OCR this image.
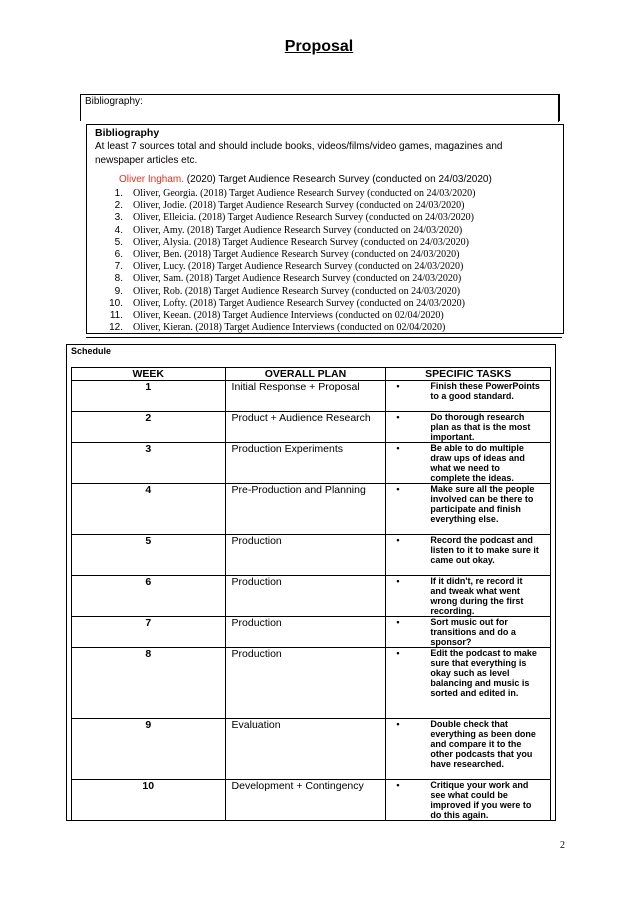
Proposal
Bibliography:
Bibliography
At least 7 sources total and should include books, videos/films/video games, magazines and newspaper articles etc.
Oliver Ingham. (2020) Target Audience Research Survey (conducted on 24/03/2020)
1. Oliver, Georgia. (2018) Target Audience Research Survey (conducted on 24/03/2020)
2. Oliver, Jodie. (2018) Target Audience Research Survey (conducted on 24/03/2020)
3. Oliver, Elleicia. (2018) Target Audience Research Survey (conducted on 24/03/2020)
4. Oliver, Amy. (2018) Target Audience Research Survey (conducted on 24/03/2020)
5. Oliver, Alysia. (2018) Target Audience Research Survey (conducted on 24/03/2020)
6. Oliver, Ben. (2018) Target Audience Research Survey (conducted on 24/03/2020)
7. Oliver, Lucy. (2018) Target Audience Research Survey (conducted on 24/03/2020)
8. Oliver, Sam. (2018) Target Audience Research Survey (conducted on 24/03/2020)
9. Oliver, Rob. (2018) Target Audience Research Survey (conducted on 24/03/2020)
10. Oliver, Lofty. (2018) Target Audience Research Survey (conducted on 24/03/2020)
11. Oliver, Keean. (2018) Target Audience Interviews (conducted on 02/04/2020)
12. Oliver, Kieran. (2018) Target Audience Interviews (conducted on 02/04/2020)
Schedule
WEEK	OVERALL PLAN	SPECIFIC TASKS
1	Initial Response + Proposal	• Finish these PowerPoints to a good standard.

2	Product + Audience Research	• Do thorough research plan as that is the most important.

3	Production Experiments	• Be able to do multiple draw ups of ideas and what we need to complete the ideas.

4	Pre-Production and Planning	• Make sure all the people involved can be there to participate and finish everything else.

5	Production	• Record the podcast and listen to it to make sure it came out okay.

6	Production	• If it didn't, re record it and tweak what went wrong during the first recording.

7	Production	• Sort music out for transitions and do a sponsor?

8	Production	• Edit the podcast to make sure that everything is okay such as level balancing and music is sorted and edited in.

9	Evaluation	• Double check that everything as been done and compare it to the other podcasts that you have researched.

10	Development + Contingency	• Critique your work and see what could be improved if you were to do this again.
2
